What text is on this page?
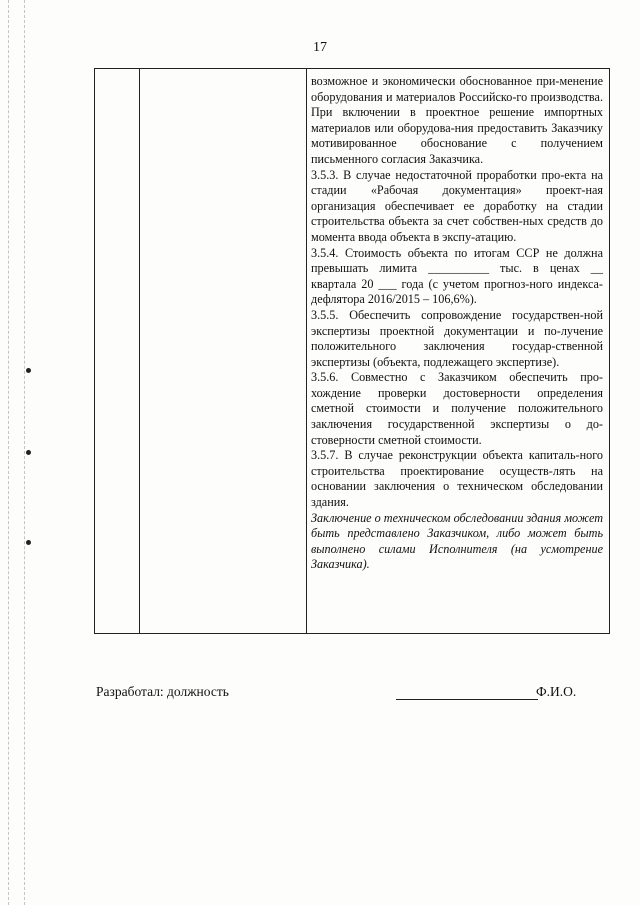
17

возможное и экономически обоснованное при-менение оборудования и материалов Российско-го производства. При включении в проектное решение импортных материалов или оборудова-ния предоставить Заказчику мотивированное обоснование с получением письменного согласия Заказчика.

3.5.3. В случае недостаточной проработки про-екта на стадии «Рабочая документация» проект-ная организация обеспечивает ее доработку на стадии строительства объекта за счет собствен-ных средств до момента ввода объекта в экспу-атацию.

3.5.4. Стоимость объекта по итогам ССР не должна превышать лимита __________ тыс. в ценах __ квартала 20 ___ года (с учетом прогноз-ного индекса-дефлятора 2016/2015 – 106,6%).

3.5.5. Обеспечить сопровождение государствен-ной экспертизы проектной документации и по-лучение положительного заключения государ-ственной экспертизы (объекта, подлежащего экспертизе).

3.5.6. Совместно с Заказчиком обеспечить про-хождение проверки достоверности определения сметной стоимости и получение положительного заключения государственной экспертизы о до-стоверности сметной стоимости.

3.5.7. В случае реконструкции объекта капиталь-ного строительства проектирование осуществ-лять на основании заключения о техническом обследовании здания.

Заключение о техническом обследовании здания может быть представлено Заказчиком, либо может быть выполнено силами Исполнителя (на усмотрение Заказчика).

Разработал: должность	Ф.И.О.
